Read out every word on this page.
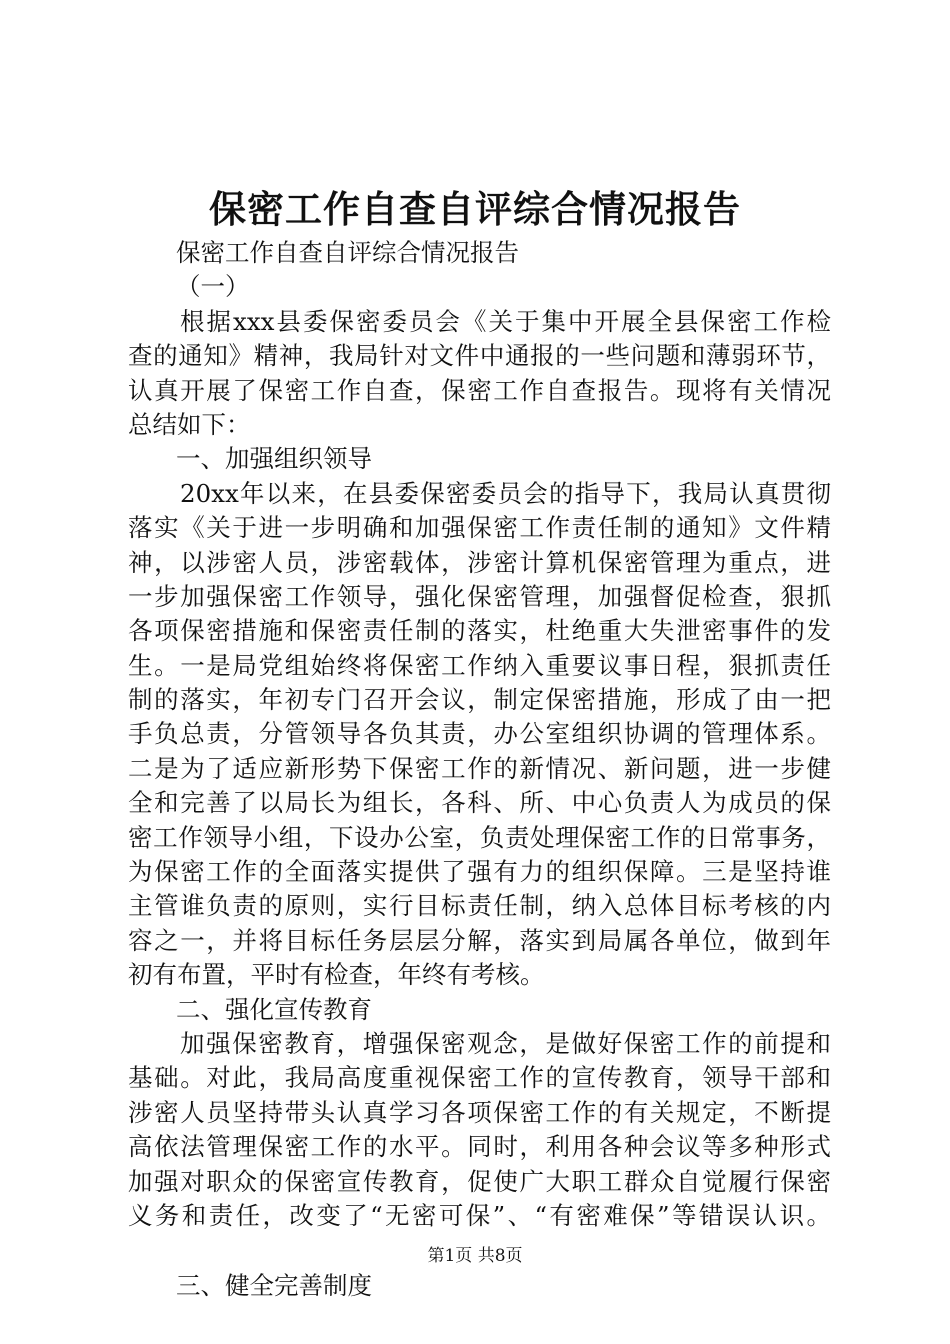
保密工作自查自评综合情况报告
保密工作自查自评综合情况报告
（一）
根据xxx县委保密委员会《关于集中开展全县保密工作检
查的通知》精神，我局针对文件中通报的一些问题和薄弱环节，
认真开展了保密工作自查，保密工作自查报告。现将有关情况
总结如下：
一、加强组织领导
20xx年以来，在县委保密委员会的指导下，我局认真贯彻
落实《关于进一步明确和加强保密工作责任制的通知》文件精
神，以涉密人员，涉密载体，涉密计算机保密管理为重点，进
一步加强保密工作领导，强化保密管理，加强督促检查，狠抓
各项保密措施和保密责任制的落实，杜绝重大失泄密事件的发
生。一是局党组始终将保密工作纳入重要议事日程，狠抓责任
制的落实，年初专门召开会议，制定保密措施，形成了由一把
手负总责，分管领导各负其责，办公室组织协调的管理体系。
二是为了适应新形势下保密工作的新情况、新问题，进一步健
全和完善了以局长为组长，各科、所、中心负责人为成员的保
密工作领导小组，下设办公室，负责处理保密工作的日常事务，
为保密工作的全面落实提供了强有力的组织保障。三是坚持谁
主管谁负责的原则，实行目标责任制，纳入总体目标考核的内
容之一，并将目标任务层层分解，落实到局属各单位，做到年
初有布置，平时有检查，年终有考核。
二、强化宣传教育
加强保密教育，增强保密观念，是做好保密工作的前提和
基础。对此，我局高度重视保密工作的宣传教育，领导干部和
涉密人员坚持带头认真学习各项保密工作的有关规定，不断提
高依法管理保密工作的水平。同时，利用各种会议等多种形式
加强对职众的保密宣传教育，促使广大职工群众自觉履行保密
义务和责任，改变了“无密可保”、“有密难保”等错误认识。
三、健全完善制度
第1页 共8页
